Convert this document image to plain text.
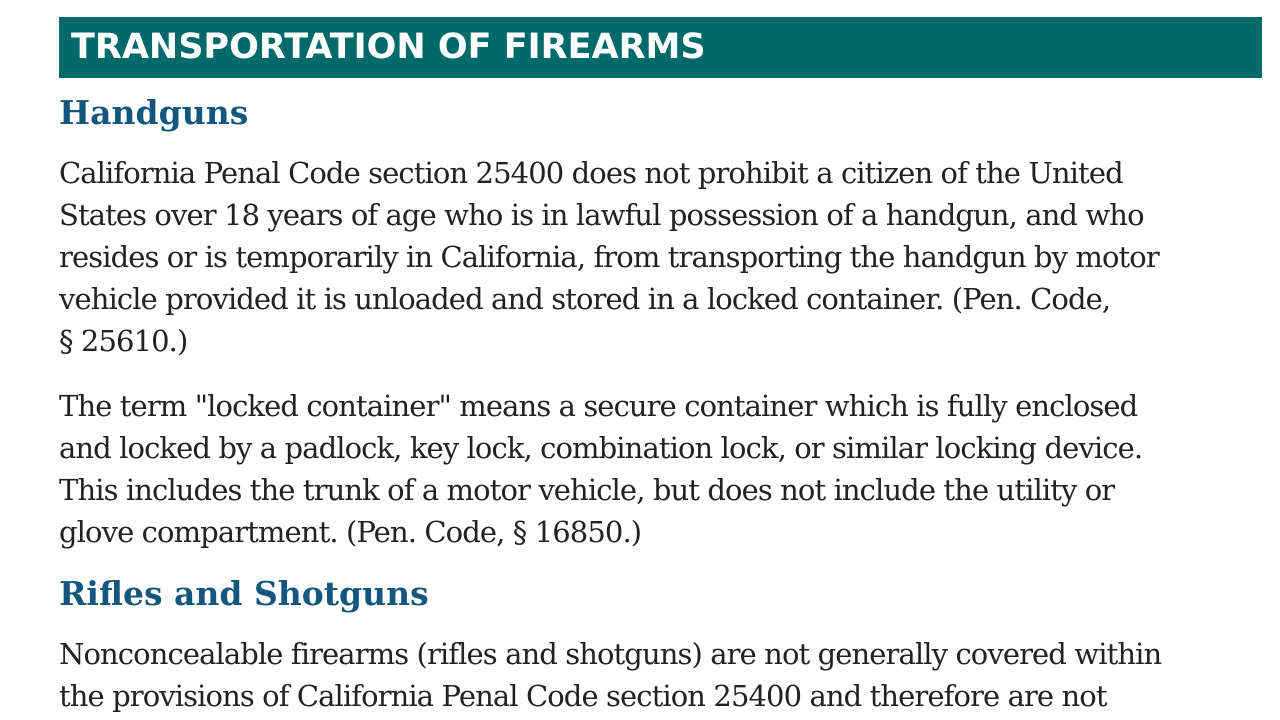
TRANSPORTATION OF FIREARMS
Handguns

California Penal Code section 25400 does not prohibit a citizen of the United
States over 18 years of age who is in lawful possession of a handgun, and who
resides or is temporarily in California, from transporting the handgun by motor
vehicle provided it is unloaded and stored in a locked container. (Pen. Code,
§ 25610.)

The term "locked container" means a secure container which is fully enclosed
and locked by a padlock, key lock, combination lock, or similar locking device.
This includes the trunk of a motor vehicle, but does not include the utility or
glove compartment. (Pen. Code, § 16850.)

Rifles and Shotguns

Nonconcealable firearms (rifles and shotguns) are not generally covered within
the provisions of California Penal Code section 25400 and therefore are not
